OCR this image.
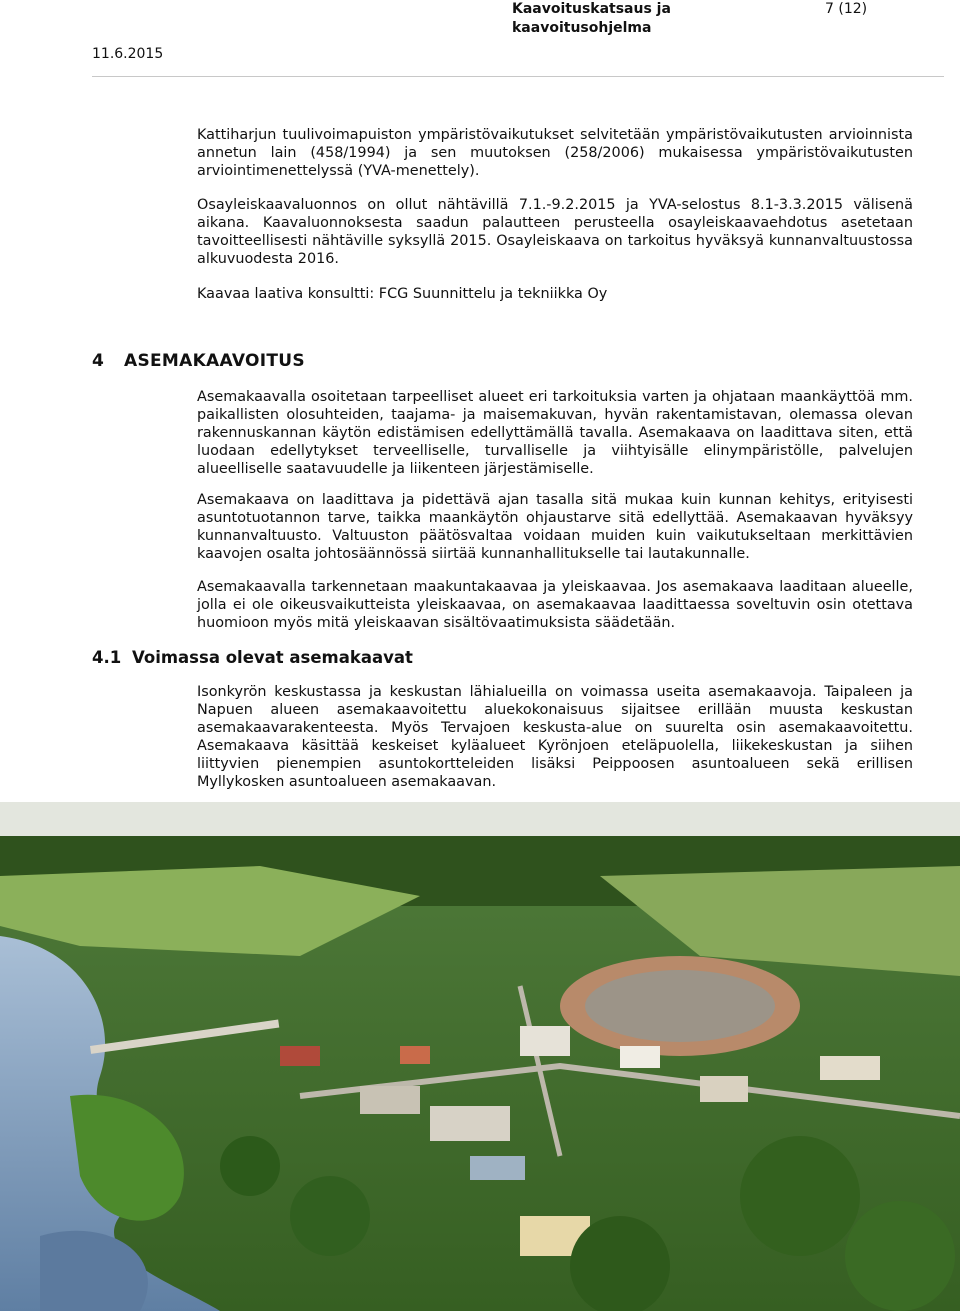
Kaavoituskatsaus ja
kaavoitusohjelma
7 (12)
11.6.2015

Kattiharjun tuulivoimapuiston ympäristövaikutukset selvitetään ympäristövaikutusten arvioinnista annetun lain (458/1994) ja sen muutoksen (258/2006) mukaisessa ympäristövaikutusten arviointimenettelyssä (YVA-menettely).

Osayleiskaavaluonnos on ollut nähtävillä 7.1.-9.2.2015 ja YVA-selostus 8.1-3.3.2015 välisenä aikana. Kaavaluonnoksesta saadun palautteen perusteella osayleiskaavaehdotus asetetaan tavoitteellisesti nähtäville syksyllä 2015. Osayleiskaava on tarkoitus hyväksyä kunnanvaltuustossa alkuvuodesta 2016.

Kaavaa laativa konsultti: FCG Suunnittelu ja tekniikka Oy

4 ASEMAKAAVOITUS

Asemakaavalla osoitetaan tarpeelliset alueet eri tarkoituksia varten ja ohjataan maankäyttöä mm. paikallisten olosuhteiden, taajama- ja maisemakuvan, hyvän rakentamistavan, olemassa olevan rakennuskannan käytön edistämisen edellyttämällä tavalla. Asemakaava on laadittava siten, että luodaan edellytykset terveelliselle, turvalliselle ja viihtyisälle elinympäristölle, palvelujen alueelliselle saatavuudelle ja liikenteen järjestämiselle.

Asemakaava on laadittava ja pidettävä ajan tasalla sitä mukaa kuin kunnan kehitys, erityisesti asuntotuotannon tarve, taikka maankäytön ohjaustarve sitä edellyttää. Asemakaavan hyväksyy kunnanvaltuusto. Valtuuston päätösvaltaa voidaan muiden kuin vaikutukseltaan merkittävien kaavojen osalta johtosäännössä siirtää kunnanhallitukselle tai lautakunnalle.

Asemakaavalla tarkennetaan maakuntakaavaa ja yleiskaavaa. Jos asemakaava laaditaan alueelle, jolla ei ole oikeusvaikutteista yleiskaavaa, on asemakaavaa laadittaessa soveltuvin osin otettava huomioon myös mitä yleiskaavan sisältövaatimuksista säädetään.

4.1 Voimassa olevat asemakaavat

Isonkyrön keskustassa ja keskustan lähialueilla on voimassa useita asemakaavoja. Taipaleen ja Napuen alueen asemakaavoitettu aluekokonaisuus sijaitsee erillään muusta keskustan asemakaavarakenteesta. Myös Tervajoen keskusta-alue on suurelta osin asemakaavoitettu. Asemakaava käsittää keskeiset kyläalueet Kyrönjoen eteläpuolella, liikekeskustan ja siihen liittyvien pienempien asuntokortteleiden lisäksi Peippoosen asuntoalueen sekä erillisen Myllykosken asuntoalueen asemakaavan.
